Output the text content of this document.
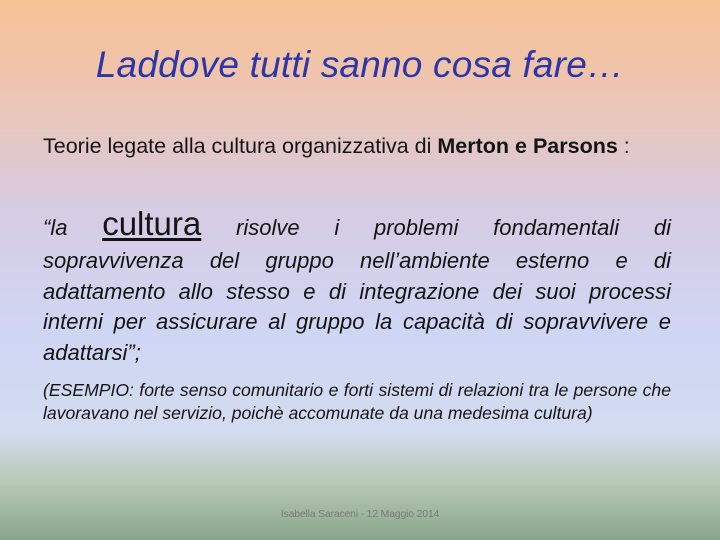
Laddove tutti sanno cosa fare…
Teorie legate alla cultura organizzativa di Merton e Parsons :
“la cultura risolve i problemi fondamentali di
sopravvivenza del gruppo nell’ambiente esterno e di adattamento allo stesso e di integrazione dei suoi processi interni per assicurare al gruppo la capacità di sopravvivere e adattarsi”;
(ESEMPIO: forte senso comunitario e forti sistemi di relazioni tra le persone che lavoravano nel servizio, poichè accomunate da una medesima cultura)
Isabella Saraceni - 12 Maggio 2014
